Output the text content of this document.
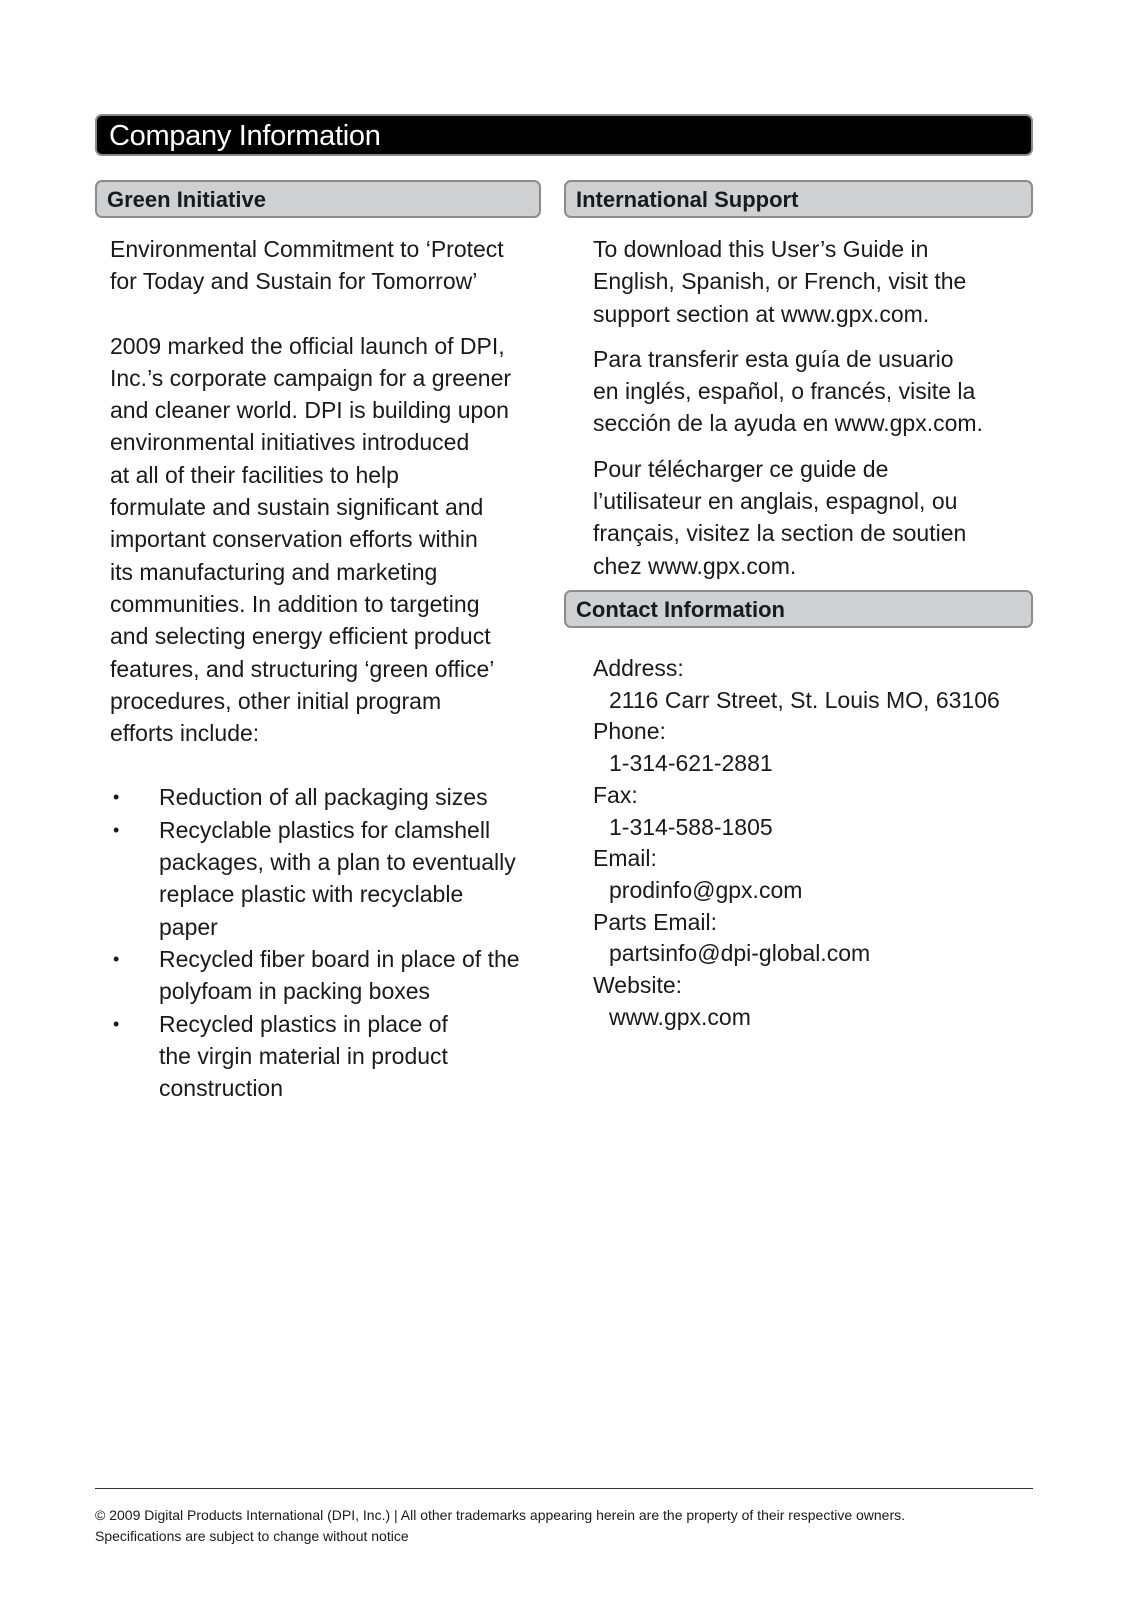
Company Information
Green Initiative	International Support
Contact Information

Environmental Commitment to ‘Protect
for Today and Sustain for Tomorrow’

2009 marked the official launch of DPI,
Inc.’s corporate campaign for a greener
and cleaner world. DPI is building upon
environmental initiatives introduced
at all of their facilities to help
formulate and sustain significant and
important conservation efforts within
its manufacturing and marketing
communities. In addition to targeting
and selecting energy efficient product
features, and structuring ‘green office’
procedures, other initial program
efforts include:

• Reduction of all packaging sizes
• Recyclable plastics for clamshell
packages, with a plan to eventually
replace plastic with recyclable
paper
• Recycled fiber board in place of the
polyfoam in packing boxes
• Recycled plastics in place of
the virgin material in product
construction

To download this User’s Guide in
English, Spanish, or French, visit the
support section at www.gpx.com.

Para transferir esta guía de usuario
en inglés, español, o francés, visite la
sección de la ayuda en www.gpx.com.

Pour télécharger ce guide de
l’utilisateur en anglais, espagnol, ou
français, visitez la section de soutien
chez www.gpx.com.

Address:
2116 Carr Street, St. Louis MO, 63106
Phone:
1-314-621-2881
Fax:
1-314-588-1805
Email:
prodinfo@gpx.com
Parts Email:
partsinfo@dpi-global.com
Website:
www.gpx.com
© 2009 Digital Products International (DPI, Inc.) | All other trademarks appearing herein are the property of their respective owners.
Specifications are subject to change without notice
